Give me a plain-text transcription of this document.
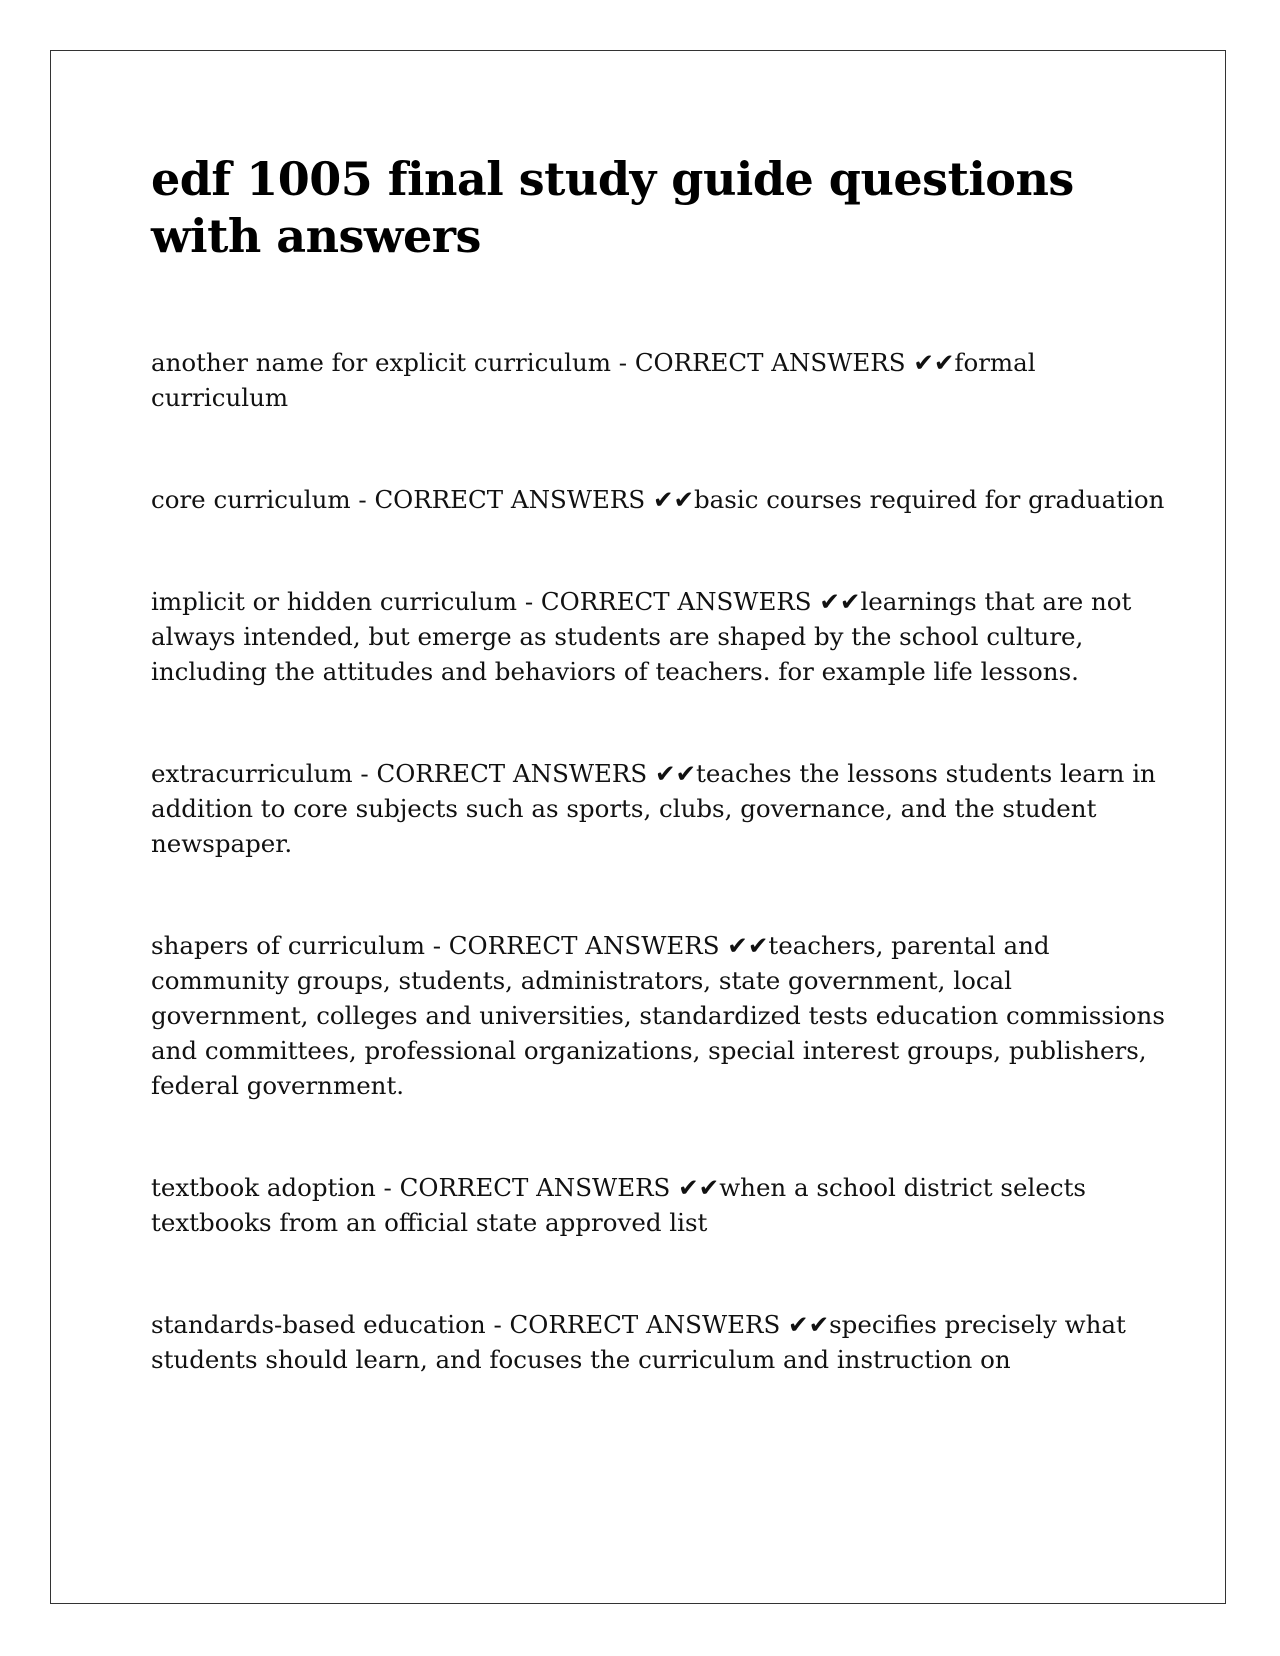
edf 1005 final study guide questions with answers

another name for explicit curriculum - CORRECT ANSWERS ✔✔formal curriculum

core curriculum - CORRECT ANSWERS ✔✔basic courses required for graduation

implicit or hidden curriculum - CORRECT ANSWERS ✔✔learnings that are not always intended, but emerge as students are shaped by the school culture, including the attitudes and behaviors of teachers. for example life lessons.

extracurriculum - CORRECT ANSWERS ✔✔teaches the lessons students learn in addition to core subjects such as sports, clubs, governance, and the student newspaper.

shapers of curriculum - CORRECT ANSWERS ✔✔teachers, parental and community groups, students, administrators, state government, local government, colleges and universities, standardized tests education commissions and committees, professional organizations, special interest groups, publishers, federal government.

textbook adoption - CORRECT ANSWERS ✔✔when a school district selects textbooks from an official state approved list

standards-based education - CORRECT ANSWERS ✔✔specifies precisely what students should learn, and focuses the curriculum and instruction on
